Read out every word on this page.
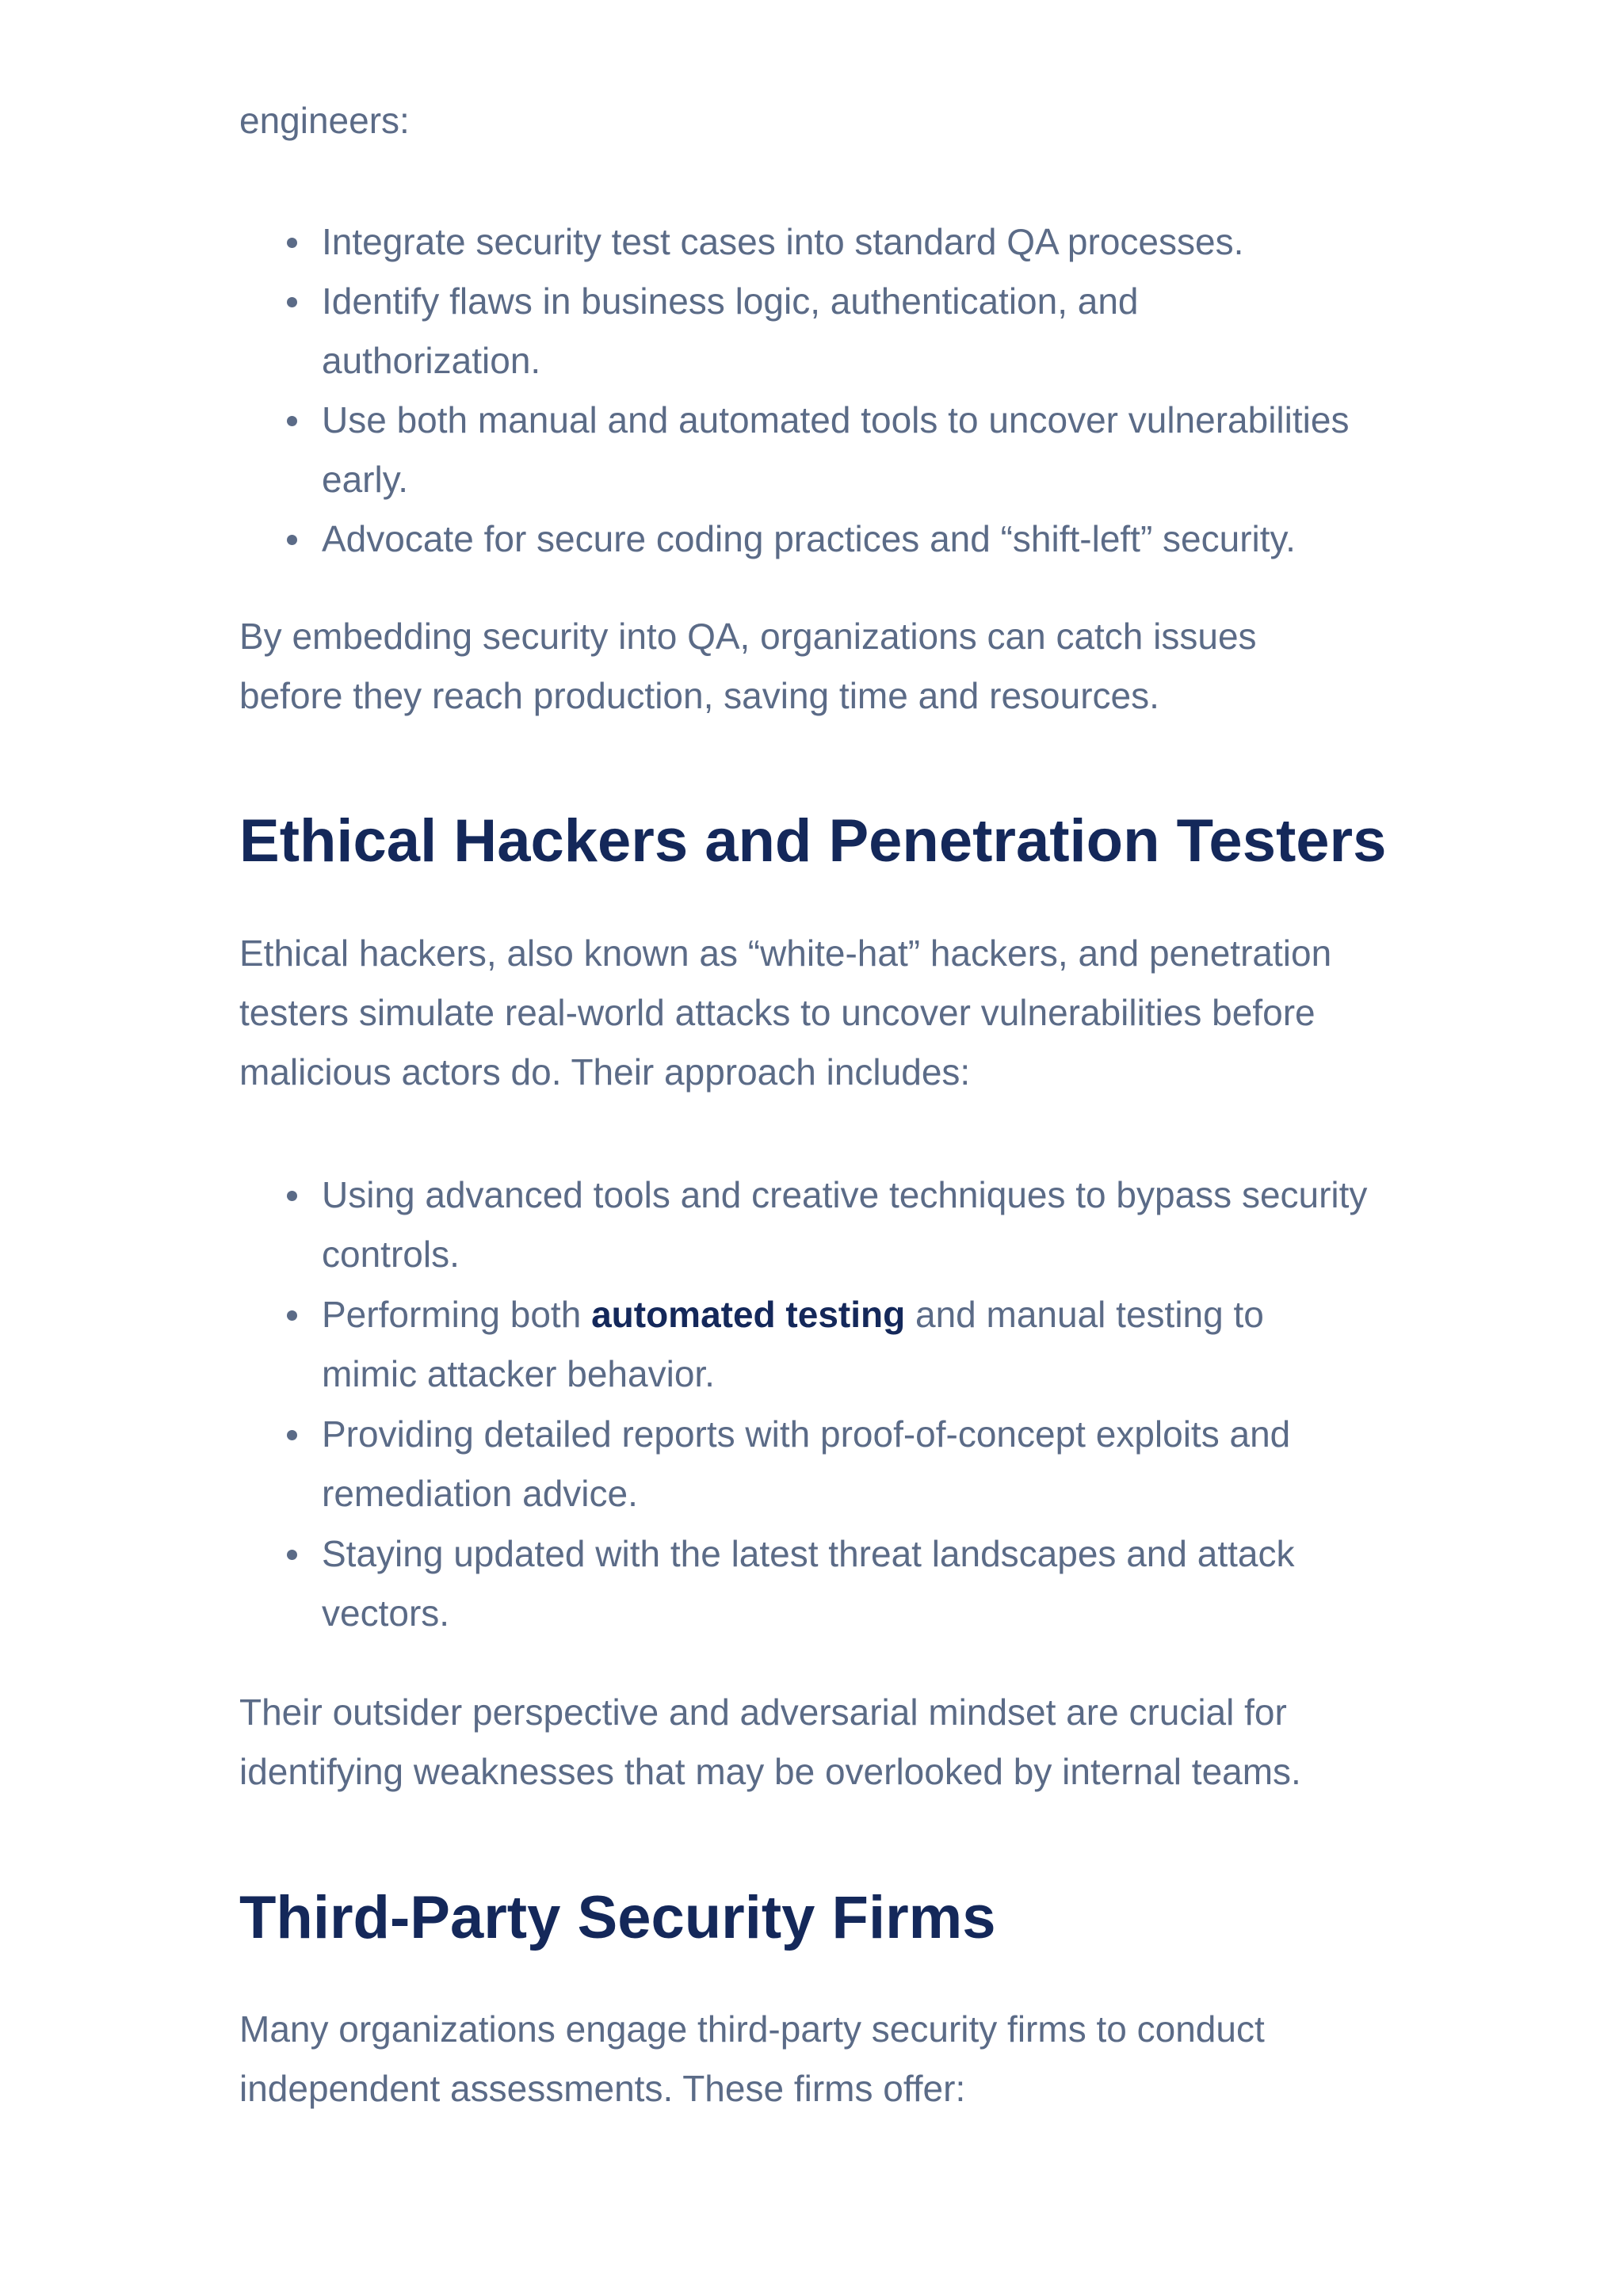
engineers:

Integrate security test cases into standard QA processes.
Identify flaws in business logic, authentication, and
authorization.
Use both manual and automated tools to uncover vulnerabilities
early.
Advocate for secure coding practices and “shift-left” security.

By embedding security into QA, organizations can catch issues
before they reach production, saving time and resources.

Ethical Hackers and Penetration Testers

Ethical hackers, also known as “white-hat” hackers, and penetration
testers simulate real-world attacks to uncover vulnerabilities before
malicious actors do. Their approach includes:

Using advanced tools and creative techniques to bypass security
controls.
Performing both automated testing and manual testing to
mimic attacker behavior.
Providing detailed reports with proof-of-concept exploits and
remediation advice.
Staying updated with the latest threat landscapes and attack
vectors.

Their outsider perspective and adversarial mindset are crucial for
identifying weaknesses that may be overlooked by internal teams.

Third-Party Security Firms

Many organizations engage third-party security firms to conduct
independent assessments. These firms offer:
